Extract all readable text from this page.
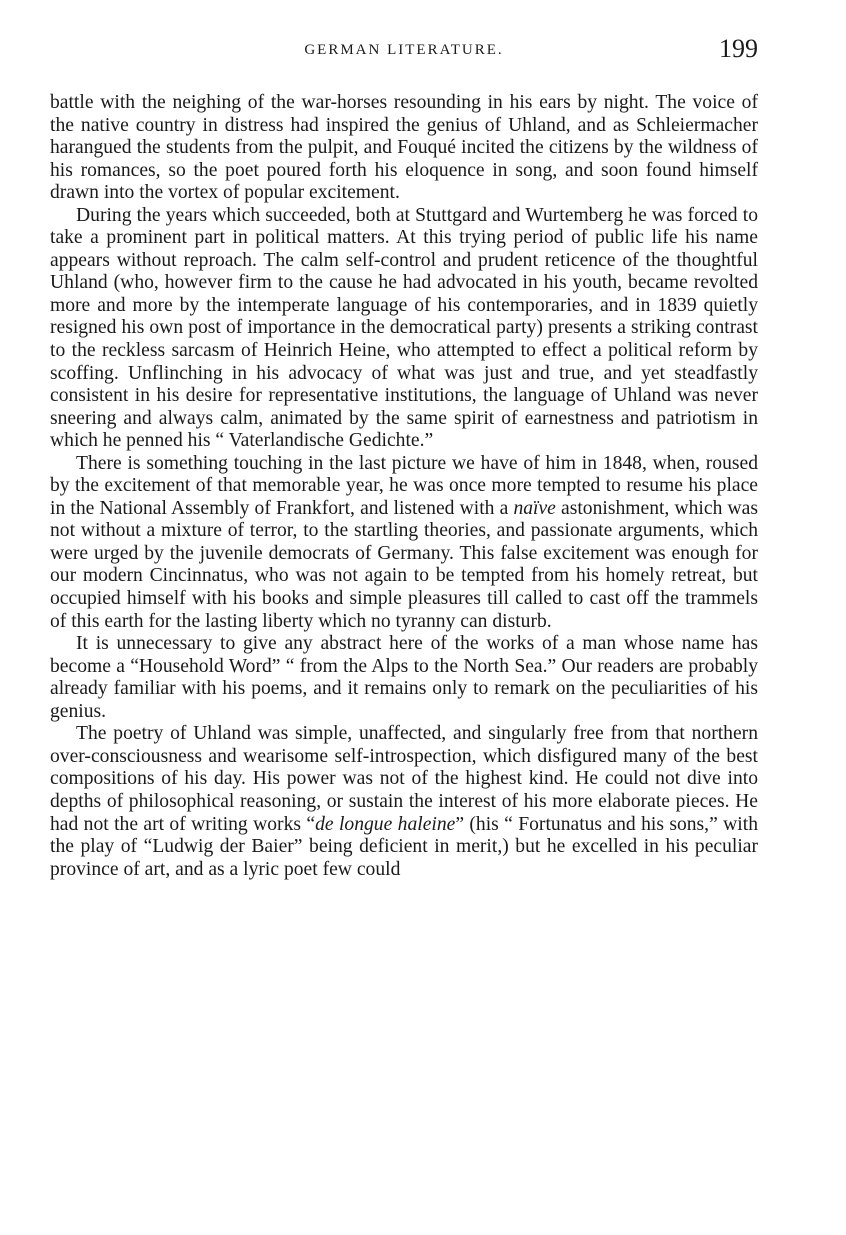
GERMAN LITERATURE.	199

battle with the neighing of the war-horses resounding in his ears by night. The voice of the native country in distress had inspired the genius of Uhland, and as Schleiermacher harangued the students from the pulpit, and Fouqué incited the citizens by the wildness of his romances, so the poet poured forth his eloquence in song, and soon found himself drawn into the vortex of popular excitement.

During the years which succeeded, both at Stuttgard and Wurtemberg he was forced to take a prominent part in political matters. At this trying period of public life his name appears without reproach. The calm self-control and prudent reticence of the thoughtful Uhland (who, however firm to the cause he had advocated in his youth, became revolted more and more by the intemperate language of his contemporaries, and in 1839 quietly resigned his own post of importance in the democratical party) presents a striking contrast to the reckless sarcasm of Heinrich Heine, who attempted to effect a political reform by scoffing. Unflinching in his advocacy of what was just and true, and yet steadfastly consistent in his desire for representative institutions, the language of Uhland was never sneering and always calm, animated by the same spirit of earnestness and patriotism in which he penned his “ Vaterlandische Gedichte.”

There is something touching in the last picture we have of him in 1848, when, roused by the excitement of that memorable year, he was once more tempted to resume his place in the National Assembly of Frankfort, and listened with a naïve astonishment, which was not without a mixture of terror, to the startling theories, and passionate arguments, which were urged by the juvenile democrats of Germany. This false excitement was enough for our modern Cincinnatus, who was not again to be tempted from his homely retreat, but occupied himself with his books and simple pleasures till called to cast off the trammels of this earth for the lasting liberty which no tyranny can disturb.

It is unnecessary to give any abstract here of the works of a man whose name has become a “Household Word” “ from the Alps to the North Sea.” Our readers are probably already familiar with his poems, and it remains only to remark on the peculiarities of his genius.

The poetry of Uhland was simple, unaffected, and singularly free from that northern over-consciousness and wearisome self-introspection, which disfigured many of the best compositions of his day. His power was not of the highest kind. He could not dive into depths of philosophical reasoning, or sustain the interest of his more elaborate pieces. He had not the art of writing works “de longue haleine” (his “ Fortunatus and his sons,” with the play of “Ludwig der Baier” being deficient in merit,) but he excelled in his peculiar province of art, and as a lyric poet few could
